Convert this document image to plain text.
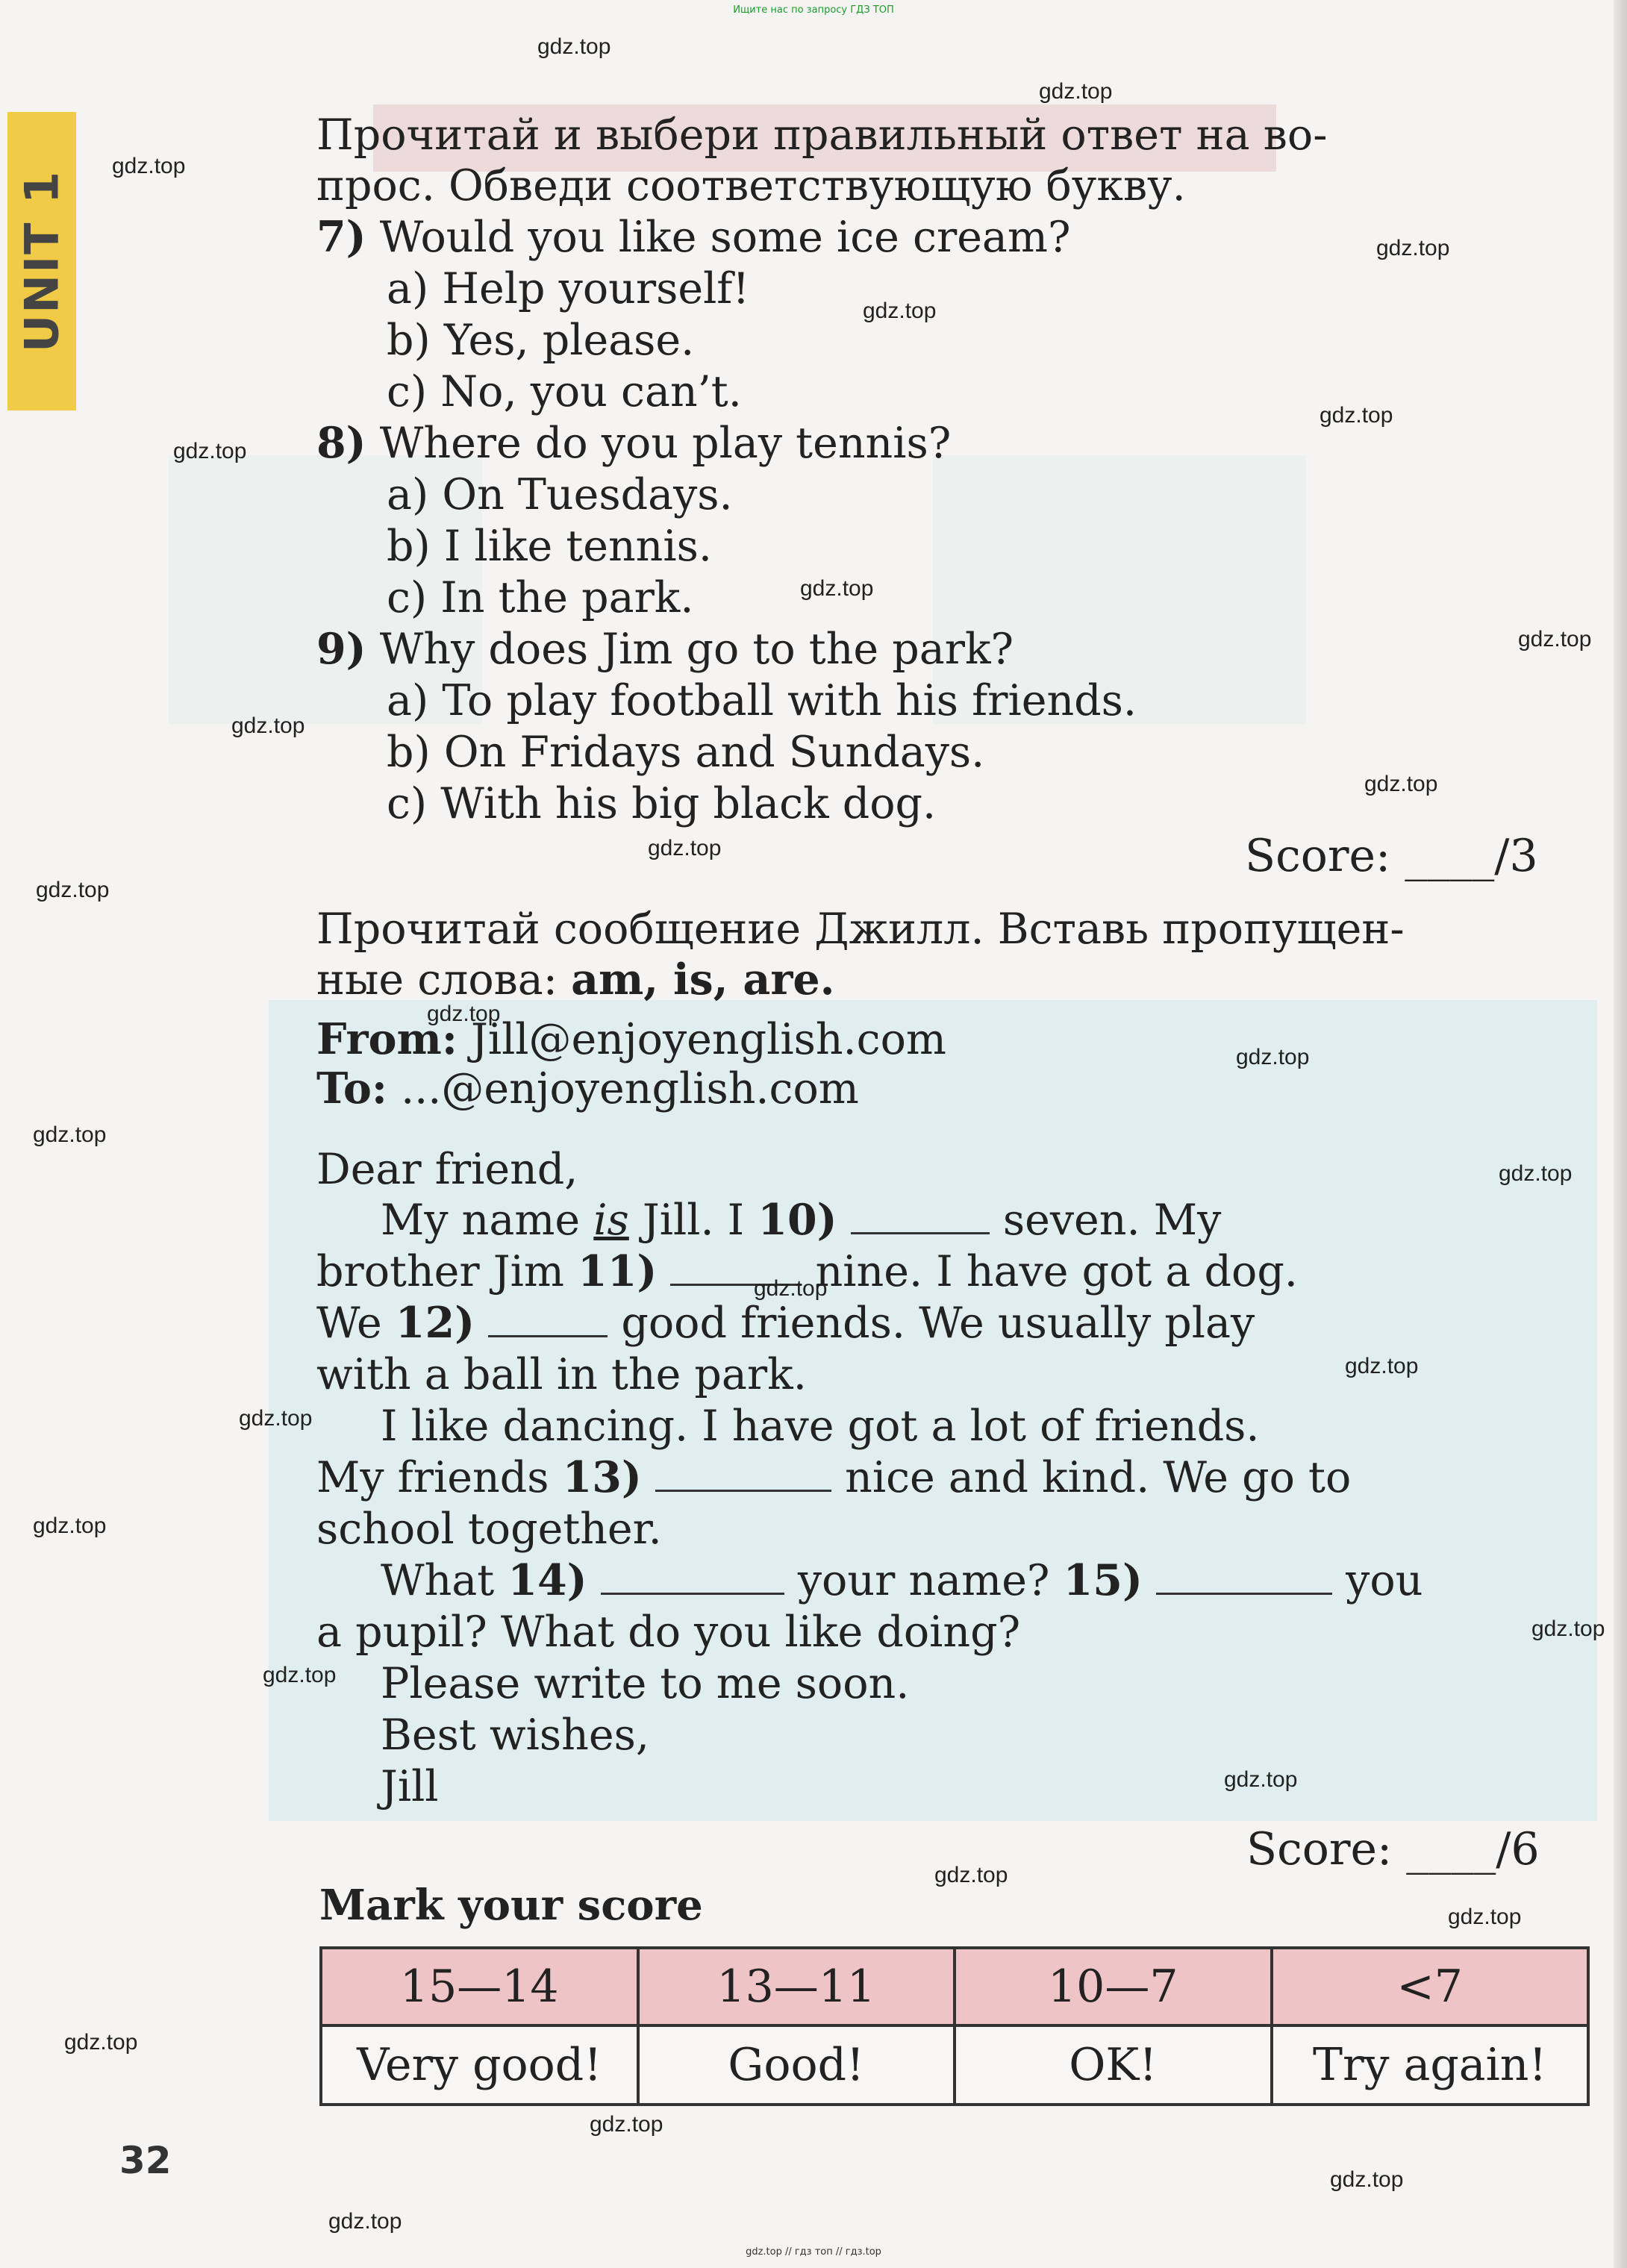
Ищите нас по запросу ГДЗ ТОП
UNIT 1
Прочитай и выбери правильный ответ на во-
прос. Обведи соответствующую букву.
7) Would you like some ice cream?
a) Help yourself!
b) Yes, please.
c) No, you can’t.
8) Where do you play tennis?
a) On Tuesdays.
b) I like tennis.
c) In the park.
9) Why does Jim go to the park?
a) To play football with his friends.
b) On Fridays and Sundays.
c) With his big black dog.
Score: ____/3
Прочитай сообщение Джилл. Вставь пропущен-
ные слова: am, is, are.
From: Jill@enjoyenglish.com
To: ...@enjoyenglish.com
Dear friend,
My name is Jill. I 10)	seven. My
brother Jim 11)	nine. I have got a dog.
We 12)	good friends. We usually play
with a ball in the park.
I like dancing. I have got a lot of friends.
My friends 13)	nice and kind. We go to
school together.
What 14)	your name? 15)	you
a pupil? What do you like doing?
Please write to me soon.
Best wishes,
Jill
Score: ____/6
Mark your score
15—14	13—11	10—7	<7
Very good!	Good!	OK!	Try again!
32
gdz.top
gdz.top
gdz.top
gdz.top
gdz.top
gdz.top
gdz.top
gdz.top
gdz.top
gdz.top
gdz.top
gdz.top
gdz.top
gdz.top
gdz.top
gdz.top
gdz.top
gdz.top
gdz.top
gdz.top
gdz.top
gdz.top
gdz.top
gdz.top
gdz.top
gdz.top
gdz.top
gdz.top
gdz.top
gdz.top
gdz.top // гдз топ // гдз.top
